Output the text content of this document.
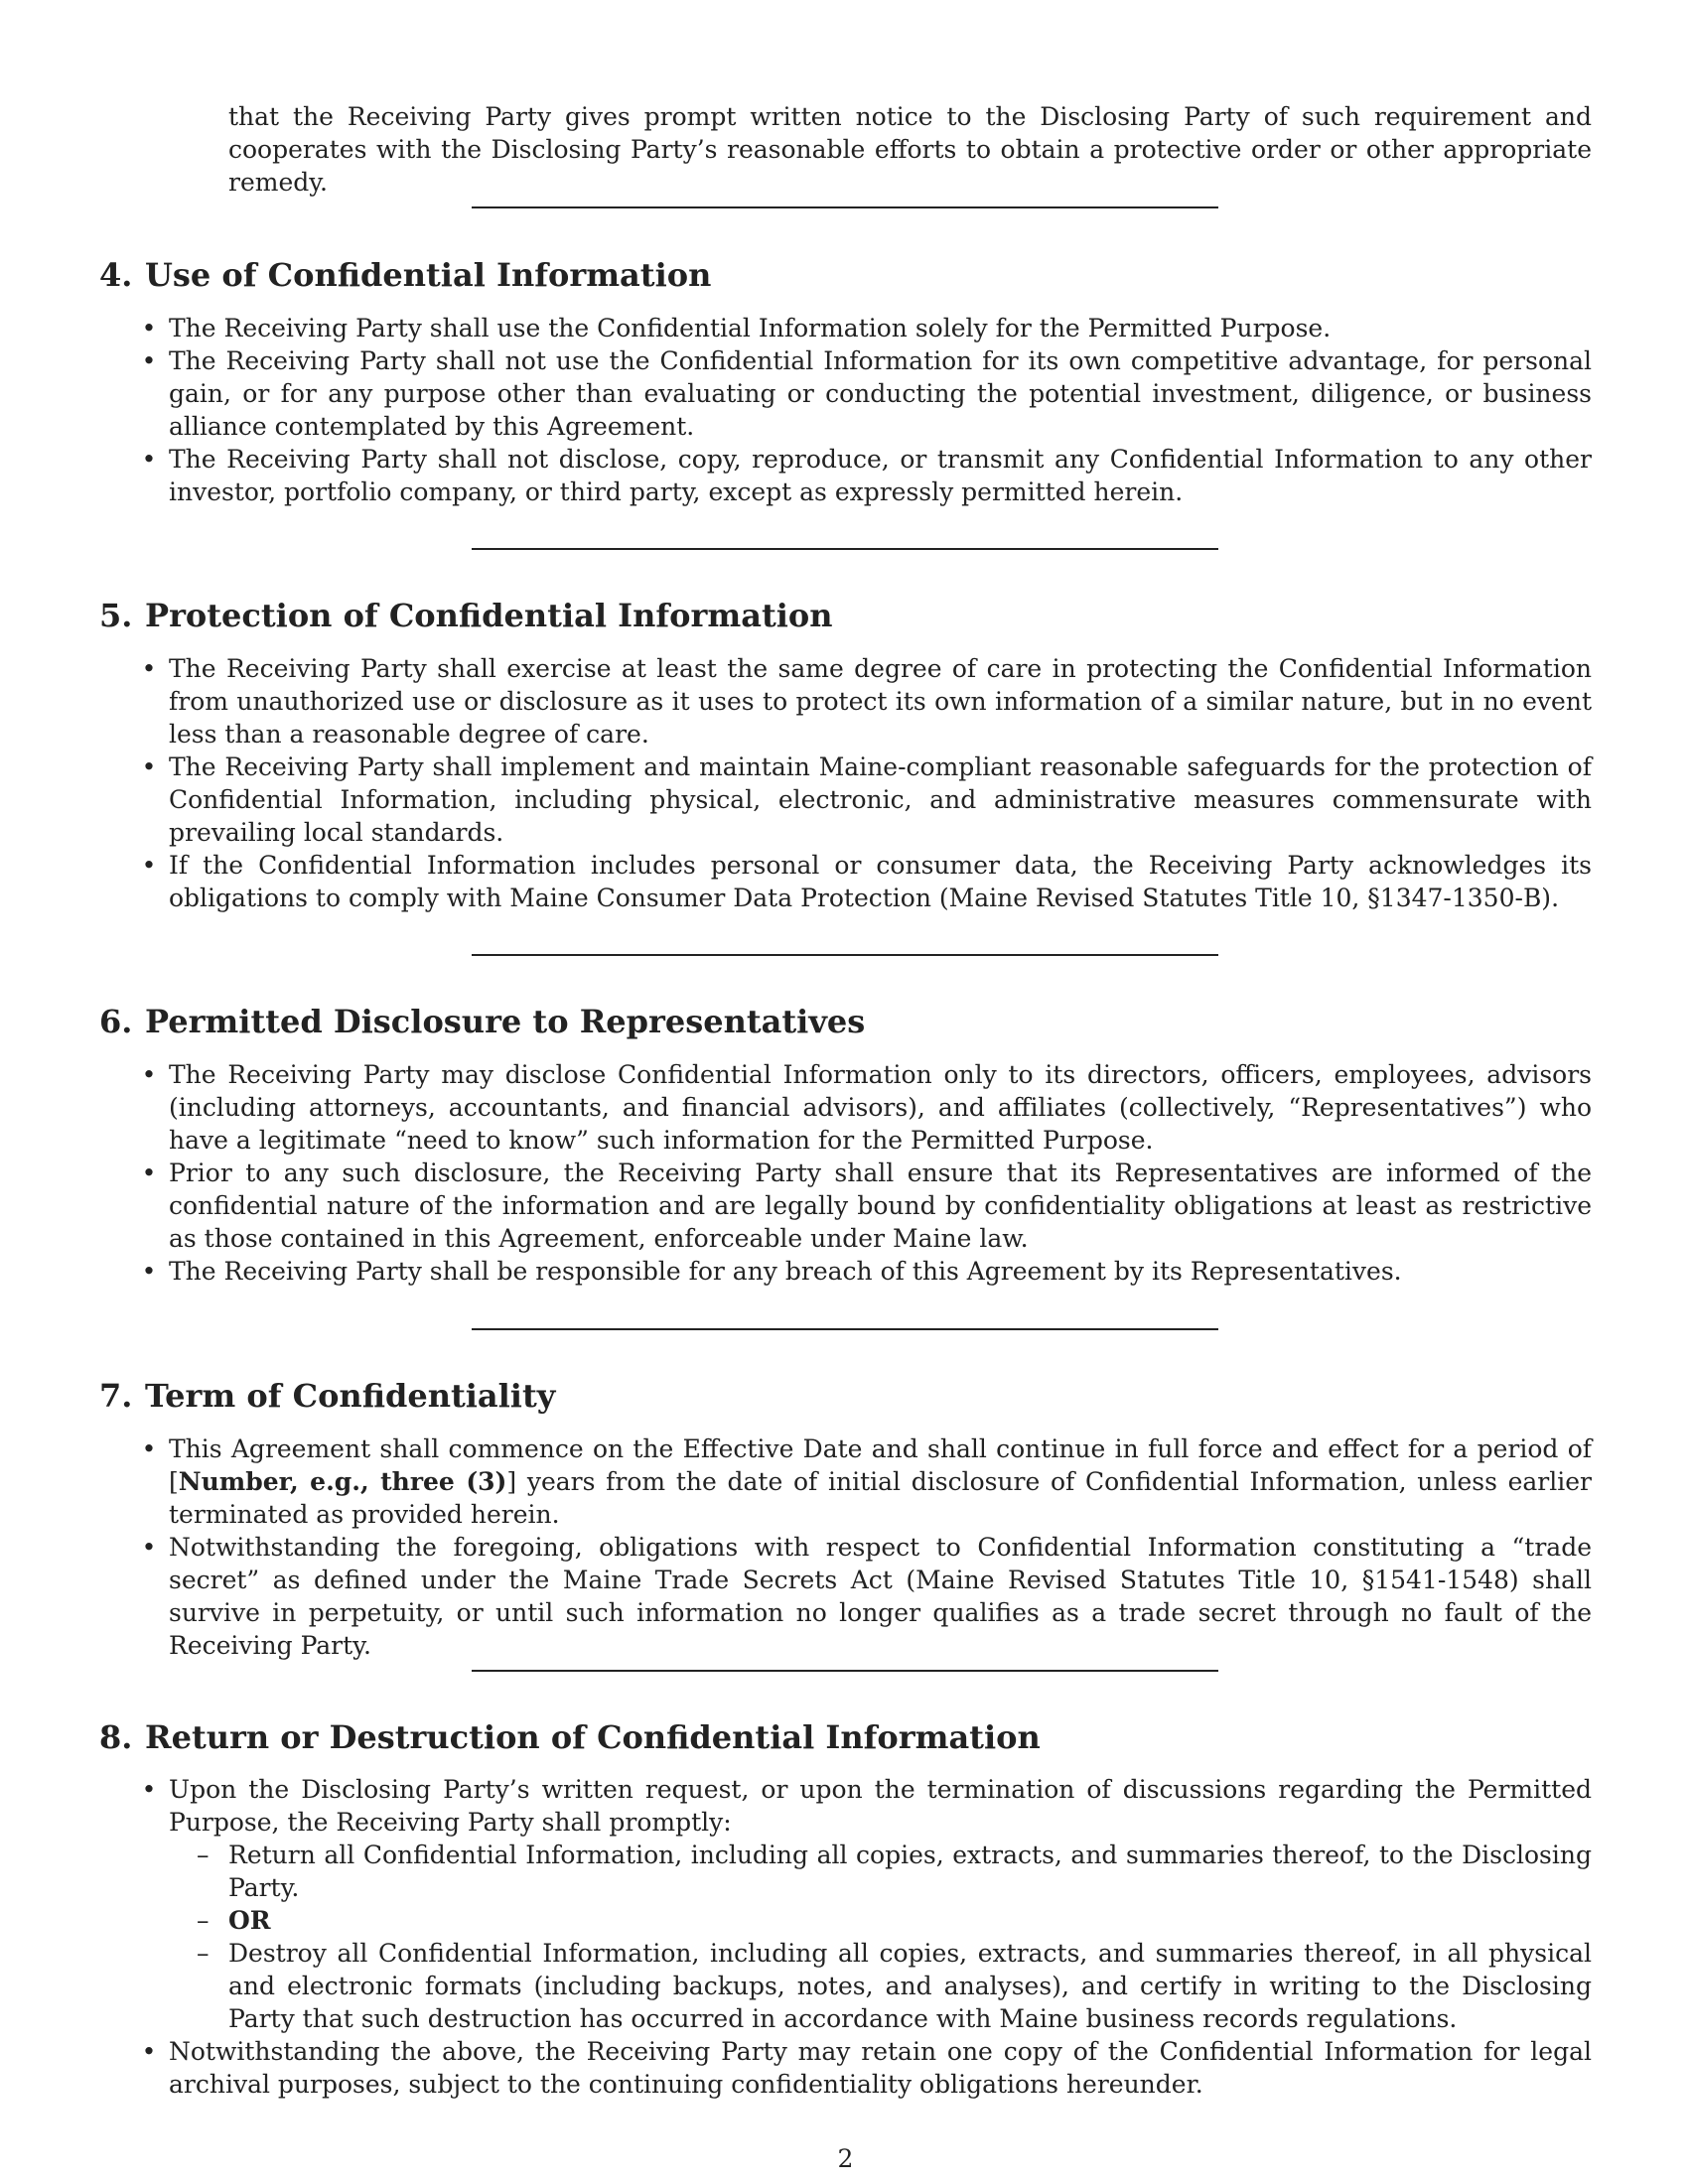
that the Receiving Party gives prompt written notice to the Disclosing Party of such requirement and cooperates with the Disclosing Party’s reasonable efforts to obtain a protective order or other appropriate remedy.

4. Use of Confidential Information
• The Receiving Party shall use the Confidential Information solely for the Permitted Purpose.
• The Receiving Party shall not use the Confidential Information for its own competitive advantage, for personal gain, or for any purpose other than evaluating or conducting the potential investment, diligence, or business alliance contemplated by this Agreement.
• The Receiving Party shall not disclose, copy, reproduce, or transmit any Confidential Information to any other investor, portfolio company, or third party, except as expressly permitted herein.
5. Protection of Confidential Information
• The Receiving Party shall exercise at least the same degree of care in protecting the Confidential Information from unauthorized use or disclosure as it uses to protect its own information of a similar nature, but in no event less than a reasonable degree of care.
• The Receiving Party shall implement and maintain Maine-compliant reasonable safeguards for the protection of Confidential Information, including physical, electronic, and administrative measures commensurate with prevailing local standards.
• If the Confidential Information includes personal or consumer data, the Receiving Party acknowledges its obligations to comply with Maine Consumer Data Protection (Maine Revised Statutes Title 10, §1347-1350-B).
6. Permitted Disclosure to Representatives
• The Receiving Party may disclose Confidential Information only to its directors, officers, employees, advisors (including attorneys, accountants, and financial advisors), and affiliates (collectively, “Representatives”) who have a legitimate “need to know” such information for the Permitted Purpose.
• Prior to any such disclosure, the Receiving Party shall ensure that its Representatives are informed of the confidential nature of the information and are legally bound by confidentiality obligations at least as restrictive as those contained in this Agreement, enforceable under Maine law.
• The Receiving Party shall be responsible for any breach of this Agreement by its Representatives.
7. Term of Confidentiality
• This Agreement shall commence on the Effective Date and shall continue in full force and effect for a period of [Number, e.g., three (3)] years from the date of initial disclosure of Confidential Information, unless earlier terminated as provided herein.
• Notwithstanding the foregoing, obligations with respect to Confidential Information constituting a “trade secret” as defined under the Maine Trade Secrets Act (Maine Revised Statutes Title 10, §1541-1548) shall survive in perpetuity, or until such information no longer qualifies as a trade secret through no fault of the Receiving Party.
8. Return or Destruction of Confidential Information
• Upon the Disclosing Party’s written request, or upon the termination of discussions regarding the Permitted Purpose, the Receiving Party shall promptly:
– Return all Confidential Information, including all copies, extracts, and summaries thereof, to the Disclosing Party.
– OR
– Destroy all Confidential Information, including all copies, extracts, and summaries thereof, in all physical and electronic formats (including backups, notes, and analyses), and certify in writing to the Disclosing Party that such destruction has occurred in accordance with Maine business records regulations.
• Notwithstanding the above, the Receiving Party may retain one copy of the Confidential Information for legal archival purposes, subject to the continuing confidentiality obligations hereunder.
2
